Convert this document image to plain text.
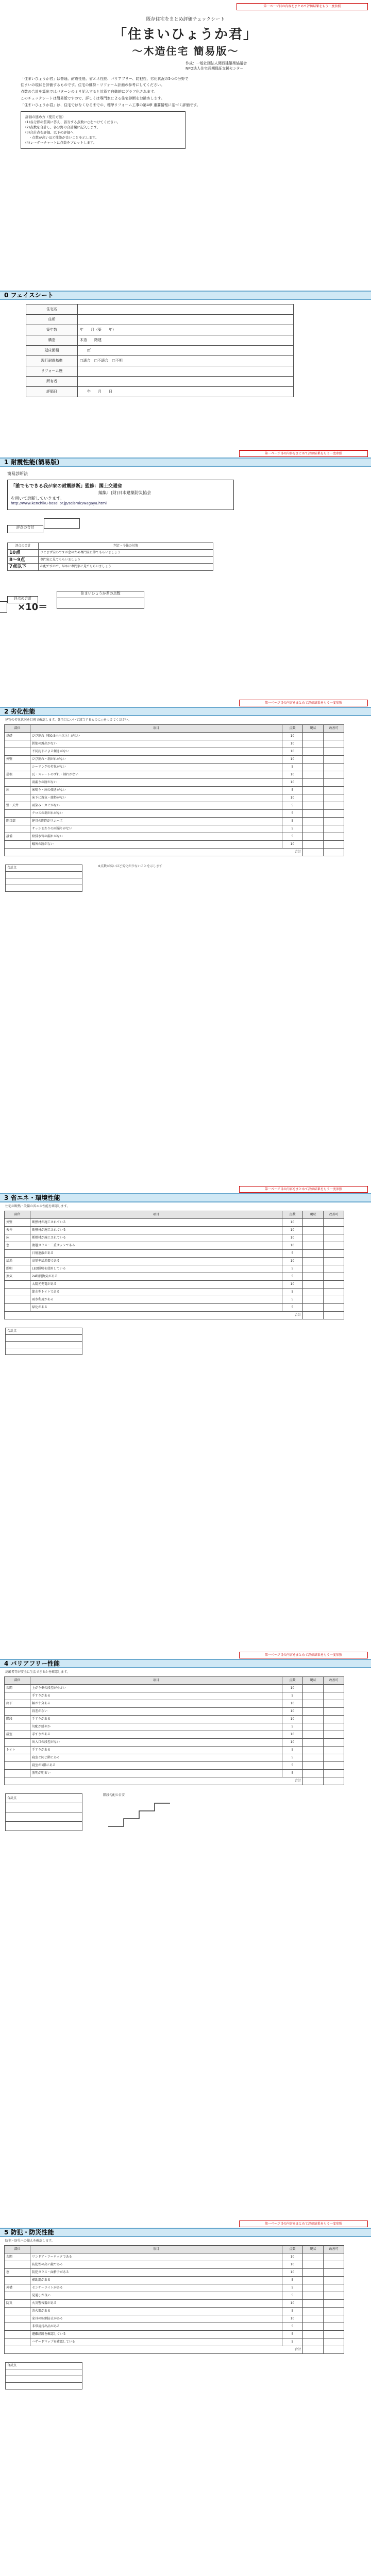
第一ページ目の内容をまとめて評価結果をもう一度参照
既存住宅をまとめ評価チェックシート
「住まいひょうか君」
～木造住宅 簡易版～
作成：一般社団法人関西建築業協議会
NPO法人住宅長期保証支援センター

「住まいひょうか君」は普通、耐震性能、省エネ性能、バリアフリー、防犯性、劣化状況の5つの分野で

住まいの現状を評価するものです。住宅の維持・リフォーム計画の参考にしてください。

点数の合計を算出ではパターンのミリ記入すると計算で自動的にグラフ化されます。

このチェックシートは簡易版ですので、詳しくは専門家による住宅診断をお勧めします。

「住まいひょうか君」は、住宅ではなくなるまでの、標準リフォーム工事の第4章 重要情報に基づく評価です。

評価の進め方（使用方法）
(1)各分野の質問に答え、該当する点数に○をつけてください。
(2)点数を合計し、各分野の合計欄に記入します。
(3)合計点を評価、以下の評価へ
　・点数が高いほど性能が良いことを示します。
(4)レーダーチャートに点数をプロットします。
0 フェイスシート
住宅名	
住所	
築年数	年　　月（築　　年）
構造	木造　　階建
延床面積	　　㎡
現行耐震基準	□適合　□不適合　□不明
リフォーム歴	
所有者	
評価日	　　年　　月　　日
第一ページ目の内容をまとめて評価結果をもう一度参照
1 耐震性能(簡易版)
簡易診断法
「誰でもできる我が家の耐震診断」監修：国土交通省
編集：(財)日本建築防災協会
を用いて診断していきます。
http://www.kenchiku-bosai.or.jp/seismic/wagaya.html
評点の合計
評点の合計	判定・今後の対策
10点	ひとまず安心ですが念のため専門家に診てもらいましょう
8〜9点	専門家に見てもらいましょう
7点以下	心配ですので、早めに専門家に見てもらいましょう
評点の合計
×10＝
住まいひょうか君の点数
第一ページ目の内容をまとめて評価結果をもう一度参照
2 劣化性能
建物の劣化状況を目視で確認します。各項目について該当するものに○をつけてください。
部位	項目	点数	現状	改善可
基礎	ひび割れ（幅0.5mm以上）がない	10		
	鉄筋の露出がない	10		
	不同沈下による傾きがない	10		
外壁	ひび割れ・剥がれがない	10		
	シーリングの劣化がない	5		
屋根	瓦・スレートのずれ・割れがない	10		
	雨漏りの跡がない	10		
床	床鳴り・床の傾きがない	5		
	床下に湿気・腐朽がない	10		
壁・天井	雨染み・カビがない	5		
	クロスの剥がれがない	5		
開口部	建具の開閉がスムーズ	5		
	サッシまわりの雨漏りがない	5		
設備	給排水管の漏れがない	5		
	蟻害の跡がない	10		
合計				
合計点	※点数が高いほど劣化が少ないことを示します
第一ページ目の内容をまとめて評価結果をもう一度参照
3 省エネ・環境性能
住宅の断熱・設備の省エネ性能を確認します。
部位	項目	点数	現状	改善可
外壁	断熱材が施工されている	10		
天井	断熱材が施工されている	10		
床	断熱材が施工されている	10		
窓	複層ガラス・二重サッシである	10		
	日射遮蔽がある	5		
給湯	高効率給湯器である	10		
照明	LED照明を使用している	5		
換気	24時間換気がある	5		
	太陽光発電がある	10		
	節水型トイレである	5		
	雨水利用がある	5		
	緑化がある	5		
合計				
合計点

第一ページ目の内容をまとめて評価結果をもう一度参照
4 バリアフリー性能
高齢者等が安全に生活できるかを確認します。
部位	項目	点数	現状	改善可
玄関	上がり框の段差が小さい	10		
	手すりがある	5		
廊下	幅が十分ある	10		
	段差がない	10		
階段	手すりがある	10		
	勾配が緩やか	5		
浴室	手すりがある	10		
	出入口の段差がない	10		
トイレ	手すりがある	5		
	寝室と同じ階にある	5		
	寝室が1階にある	5		
	照明が明るい	5		
合計				
合計点

階段勾配の目安
第一ページ目の内容をまとめて評価結果をもう一度参照
5 防犯・防災性能
防犯・防災への備えを確認します。
部位	項目	点数	現状	改善可
玄関	ワンドア・ツーロックである	10		
	防犯性の高い錠である	10		
窓	防犯ガラス・面格子がある	10		
	補助錠がある	5		
外構	センサーライトがある	5		
	見通しが良い	5		
防災	火災警報器がある	10		
	消火器がある	5		
	家具の転倒防止がある	10		
	非常用持出品がある	5		
	避難経路を確認している	5		
	ハザードマップを確認している	5		
合計				
合計点
